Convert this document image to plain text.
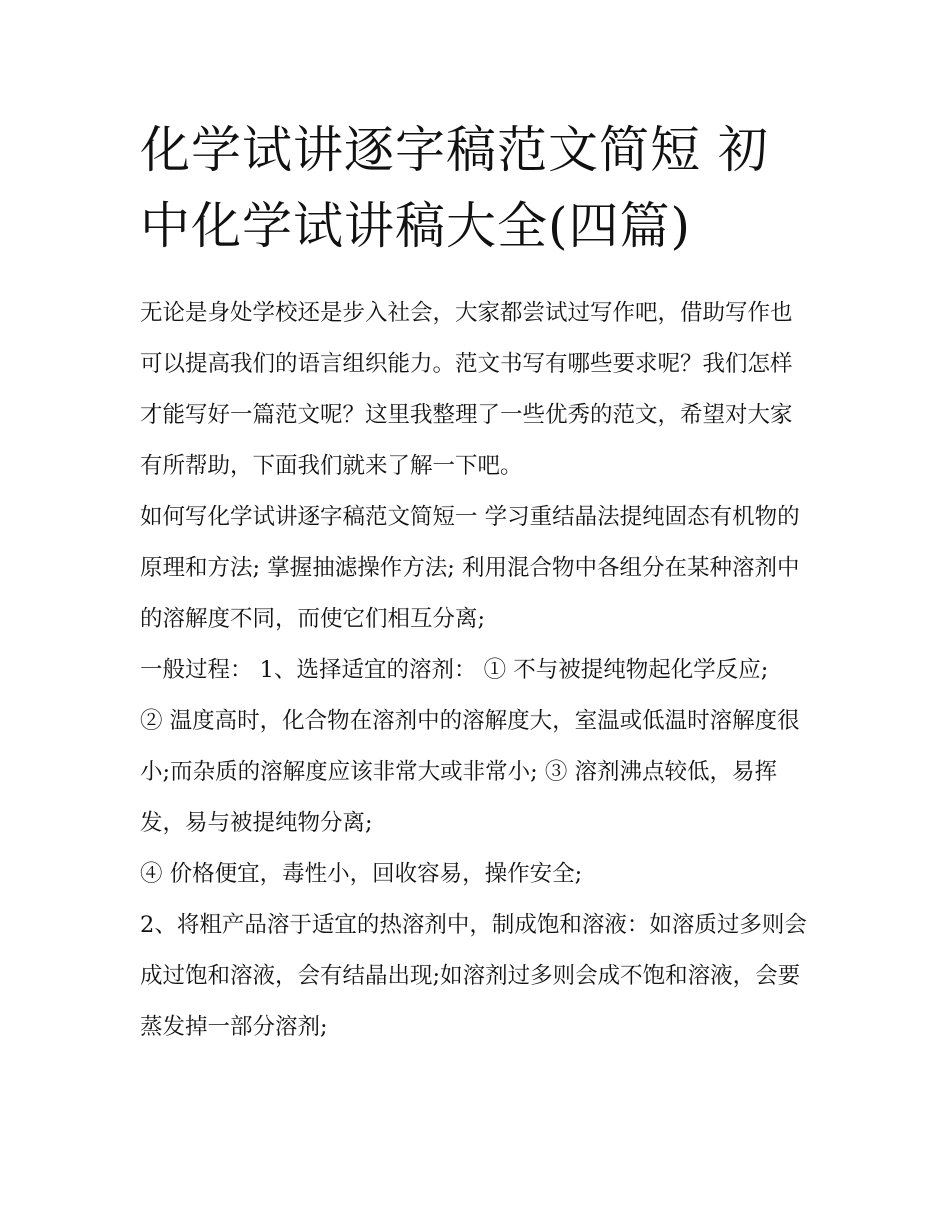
化学试讲逐字稿范文简短 初中化学试讲稿大全(四篇)

无论是身处学校还是步入社会，大家都尝试过写作吧，借助写作也可以提高我们的语言组织能力。范文书写有哪些要求呢？我们怎样才能写好一篇范文呢？这里我整理了一些优秀的范文，希望对大家有所帮助，下面我们就来了解一下吧。

如何写化学试讲逐字稿范文简短一 学习重结晶法提纯固态有机物的原理和方法; 掌握抽滤操作方法; 利用混合物中各组分在某种溶剂中的溶解度不同，而使它们相互分离;

一般过程： 1、选择适宜的溶剂： ① 不与被提纯物起化学反应;

② 温度高时，化合物在溶剂中的溶解度大，室温或低温时溶解度很小;而杂质的溶解度应该非常大或非常小; ③ 溶剂沸点较低，易挥发，易与被提纯物分离;

④ 价格便宜，毒性小，回收容易，操作安全;

2、将粗产品溶于适宜的热溶剂中，制成饱和溶液：如溶质过多则会成过饱和溶液，会有结晶出现;如溶剂过多则会成不饱和溶液，会要蒸发掉一部分溶剂;
